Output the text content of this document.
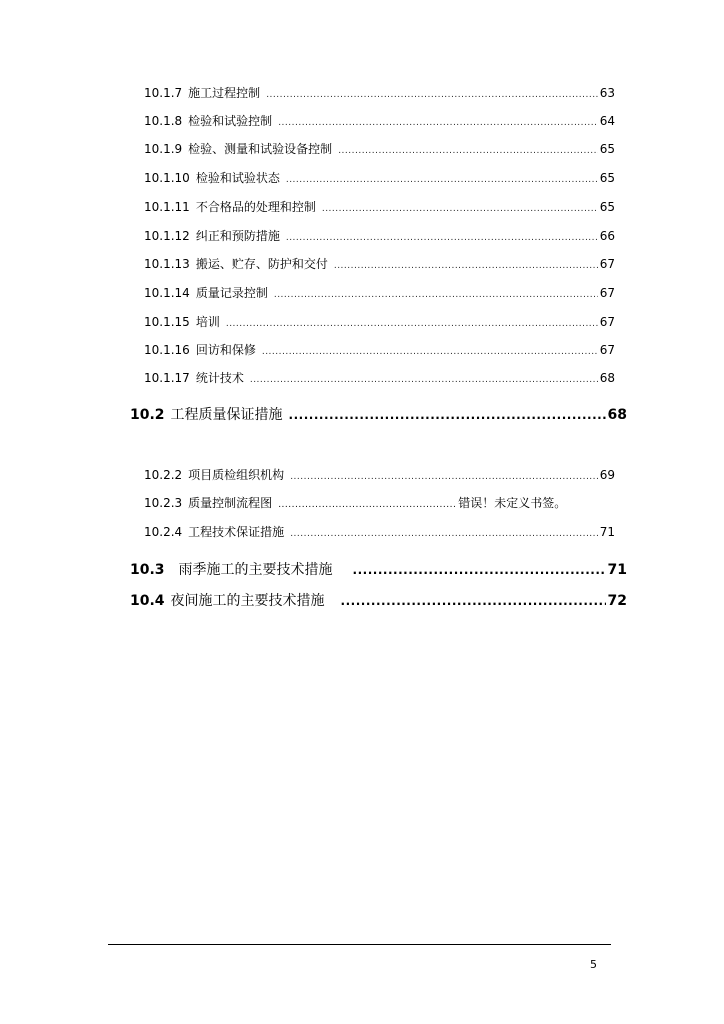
10.1.7 施工过程控制 .....	63
10.1.8 检验和试验控制 .....	64
10.1.9 检验、测量和试验设备控制 .....	65
10.1.10 检验和试验状态 .....	65
10.1.11 不合格品的处理和控制 .....	65
10.1.12 纠正和预防措施 .....	66
10.1.13 搬运、贮存、防护和交付 .....	67
10.1.14 质量记录控制 .....	67
10.1.15 培训 .....	67
10.1.16 回访和保修 .....	67
10.1.17 统计技术 .....	68
10.2 工程质量保证措施 .....	68
10.2.2 项目质检组织机构 .....	69
10.2.3 质量控制流程图 .....	错误！未定义书签。
10.2.4 工程技术保证措施 .....	71
10.3 雨季施工的主要技术措施 .....	71
10.4 夜间施工的主要技术措施 .....	72
5
